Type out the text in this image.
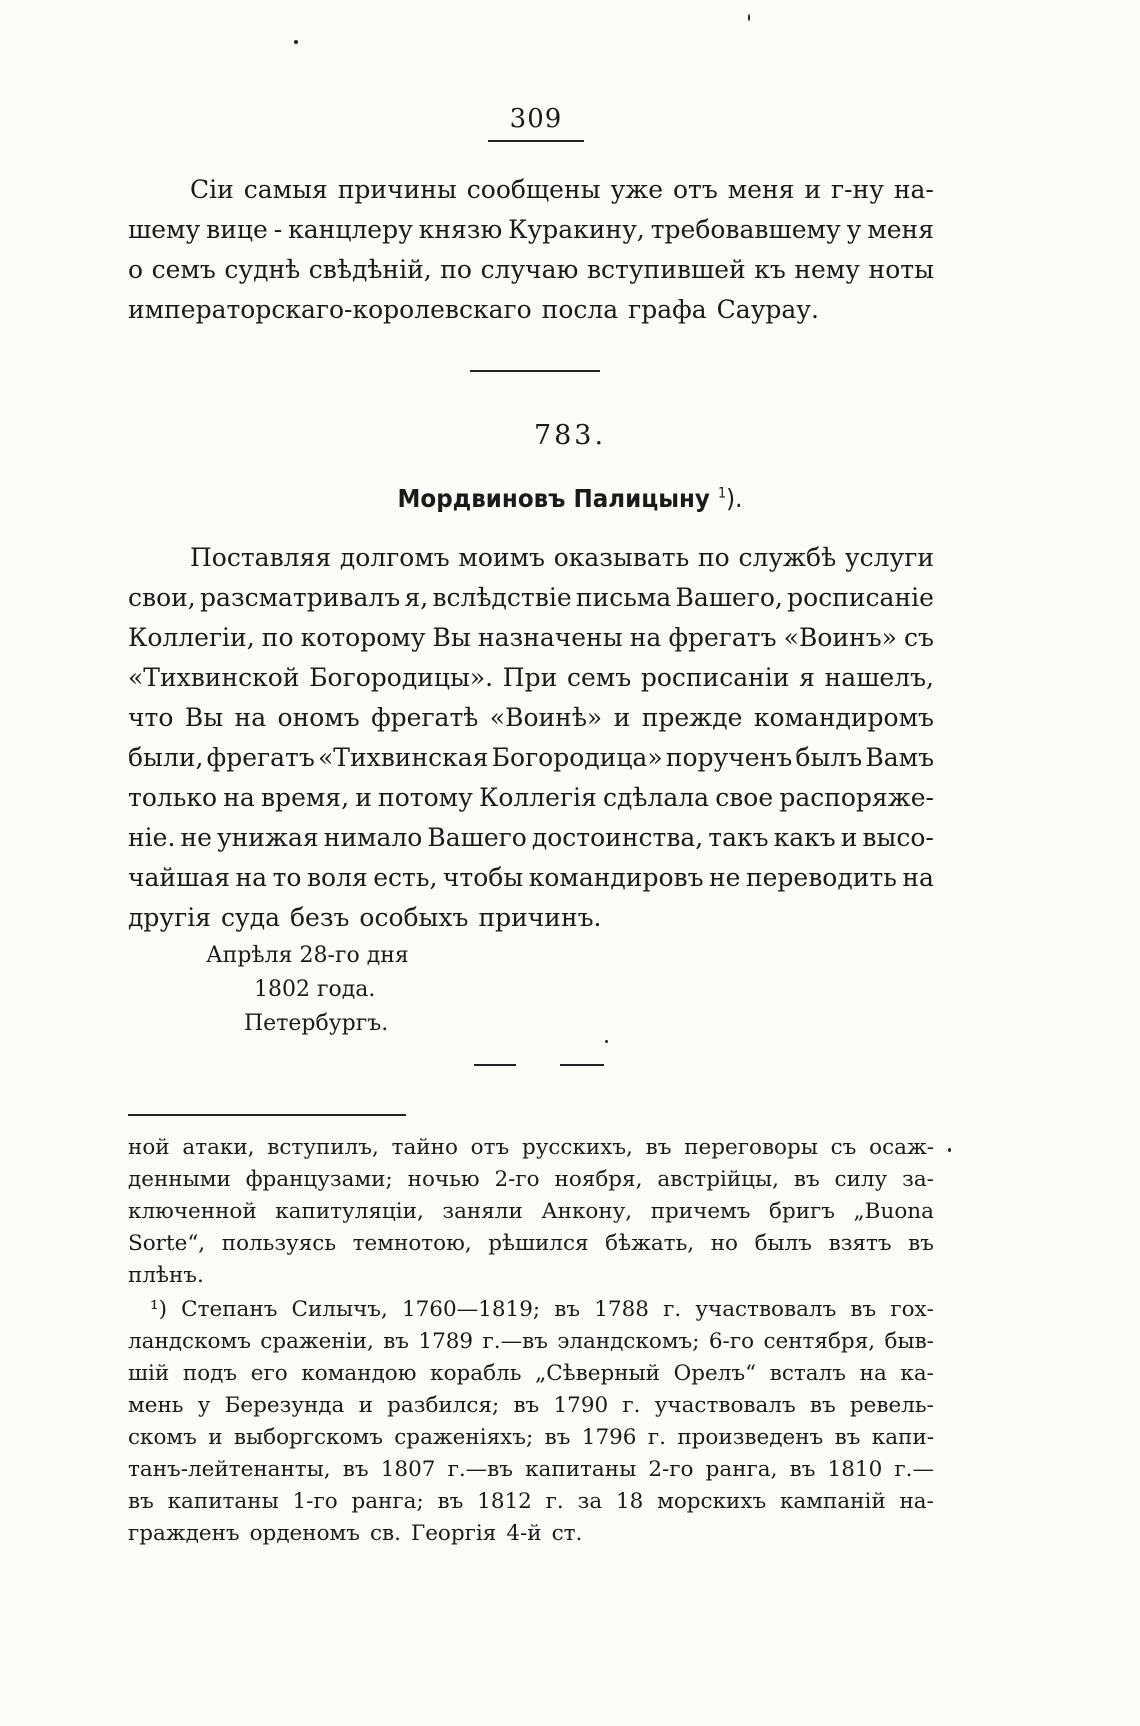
309
Сіи самыя причины сообщены уже отъ меня и г-ну на-
шему вице - канцлеру князю Куракину, требовавшему у меня
о семъ суднѣ свѣдѣній, по случаю вступившей къ нему ноты
императорскаго-королевскаго посла графа Саурау.
783.
Мордвиновъ Палицыну $^1$).
Поставляя долгомъ моимъ оказывать по службѣ услуги
свои, разсматривалъ я, вслѣдствіе письма Вашего, росписаніе
Коллегіи, по которому Вы назначены на фрегатъ «Воинъ» съ
«Тихвинской Богородицы». При семъ росписаніи я нашелъ,
что Вы на ономъ фрегатѣ «Воинѣ» и прежде командиромъ
были, фрегатъ «Тихвинская Богородица» порученъ былъ Вамъ
только на время, и потому Коллегія сдѣлала свое распоряже-
ніе. не унижая нимало Вашего достоинства, такъ какъ и высо-
чайшая на то воля есть, чтобы командировъ не переводить на
другія суда безъ особыхъ причинъ.
Апрѣля 28-го дня
1802 года.
Петербургъ.
ной атаки, вступилъ, тайно отъ русскихъ, въ переговоры съ осаж-
денными французами; ночью 2-го ноября, австрійцы, въ силу за-
ключенной капитуляціи, заняли Анкону, причемъ бригъ „Buona
Sorte“, пользуясь темнотою, рѣшился бѣжать, но былъ взятъ въ
плѣнъ.
¹) Степанъ Силычъ, 1760—1819; въ 1788 г. участвовалъ въ гох-
ландскомъ сраженіи, въ 1789 г.—въ эландскомъ; 6-го сентября, быв-
шій подъ его командою корабль „Сѣверный Орелъ“ всталъ на ка-
мень у Березунда и разбился; въ 1790 г. участвовалъ въ ревель-
скомъ и выборгскомъ сраженіяхъ; въ 1796 г. произведенъ въ капи-
танъ-лейтенанты, въ 1807 г.—въ капитаны 2-го ранга, въ 1810 г.—
въ капитаны 1-го ранга; въ 1812 г. за 18 морскихъ кампаній на-
гражденъ орденомъ св. Георгія 4-й ст.
